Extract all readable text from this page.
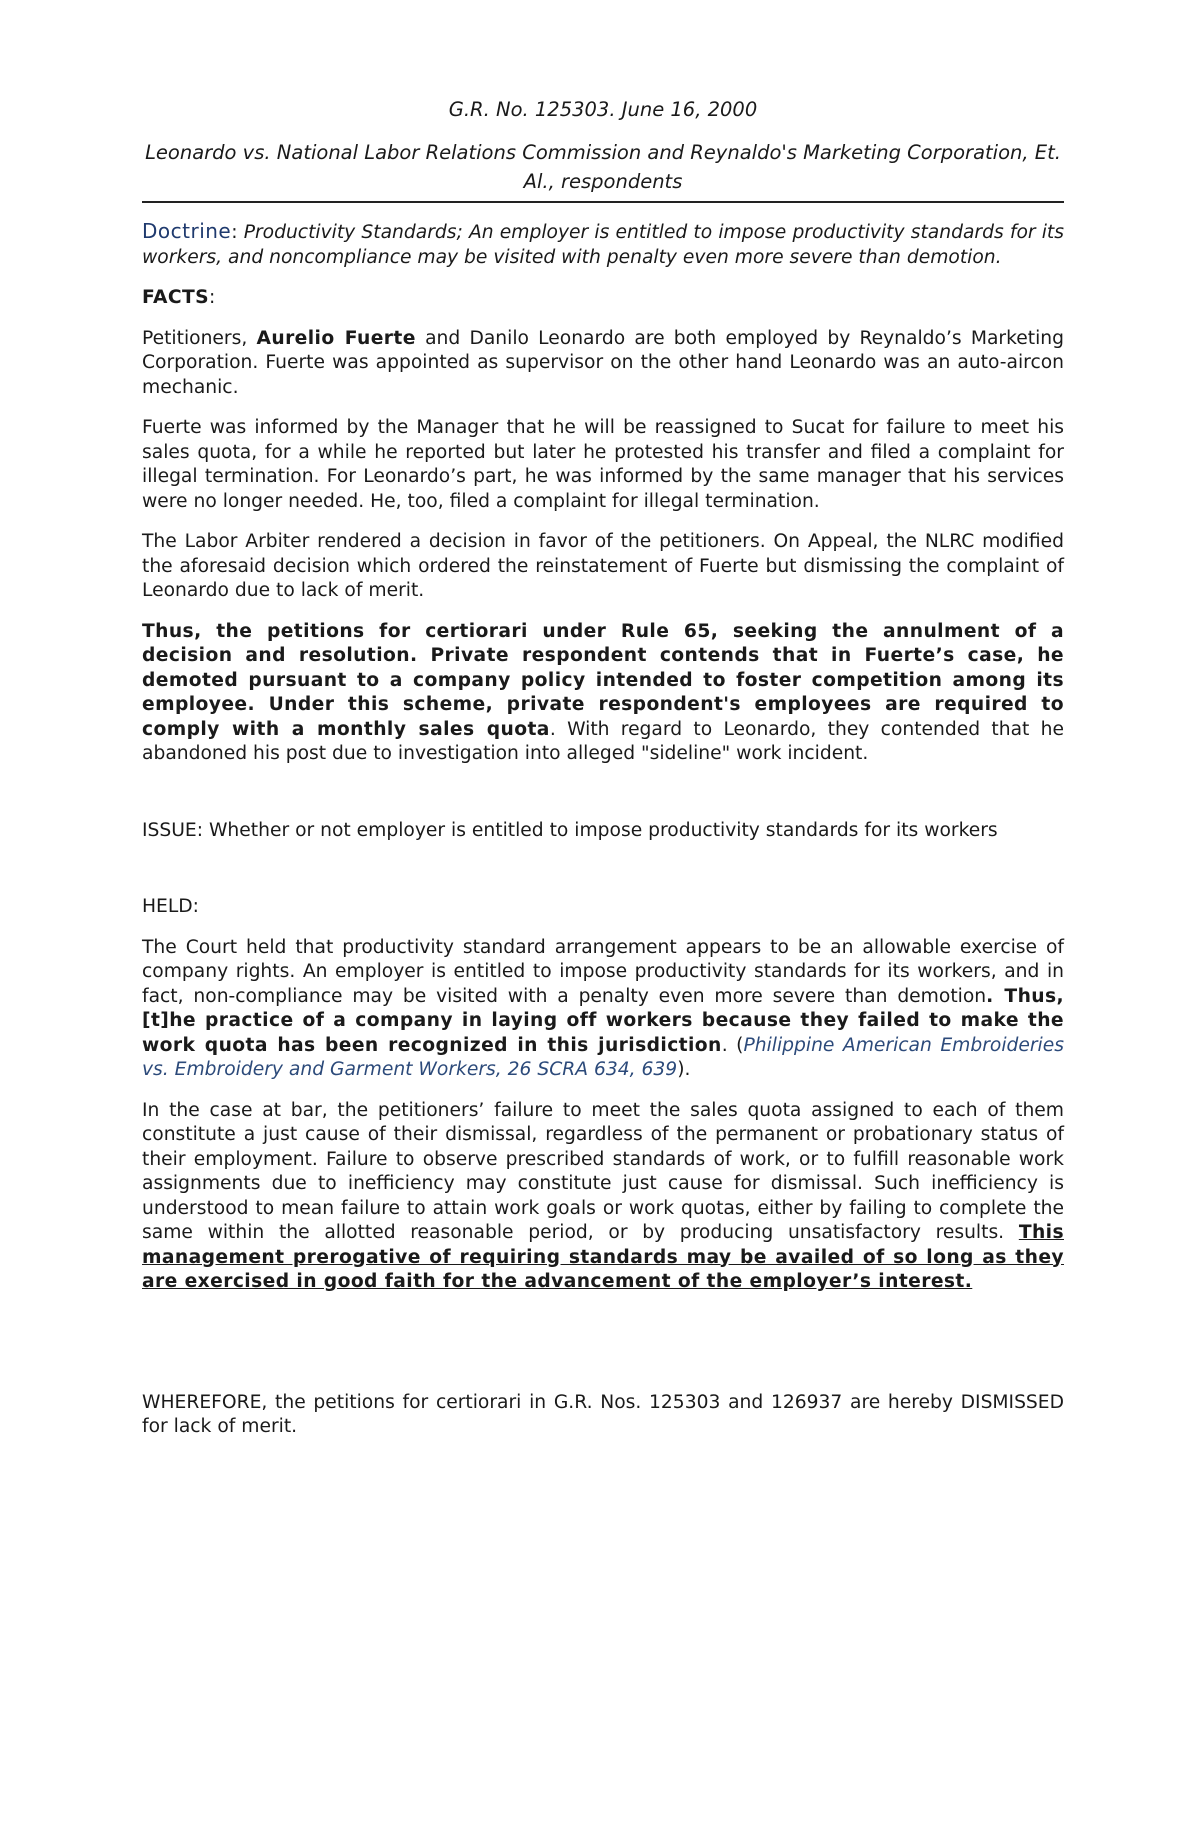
G.R. No. 125303. June 16, 2000
Leonardo vs. National Labor Relations Commission and Reynaldo's Marketing Corporation, Et. Al., respondents

Doctrine: Productivity Standards; An employer is entitled to impose productivity standards for its workers, and noncompliance may be visited with penalty even more severe than demotion.

FACTS:

Petitioners, Aurelio Fuerte and Danilo Leonardo are both employed by Reynaldo’s Marketing Corporation. Fuerte was appointed as supervisor on the other hand Leonardo was an auto-aircon mechanic.

Fuerte was informed by the Manager that he will be reassigned to Sucat for failure to meet his sales quota, for a while he reported but later he protested his transfer and filed a complaint for illegal termination. For Leonardo’s part, he was informed by the same manager that his services were no longer needed. He, too, filed a complaint for illegal termination.

The Labor Arbiter rendered a decision in favor of the petitioners. On Appeal, the NLRC modified the aforesaid decision which ordered the reinstatement of Fuerte but dismissing the complaint of Leonardo due to lack of merit.

Thus, the petitions for certiorari under Rule 65, seeking the annulment of a decision and resolution. Private respondent contends that in Fuerte’s case, he demoted pursuant to a company policy intended to foster competition among its employee. Under this scheme, private respondent's employees are required to comply with a monthly sales quota. With regard to Leonardo, they contended that he abandoned his post due to investigation into alleged "sideline" work incident.

ISSUE: Whether or not employer is entitled to impose productivity standards for its workers

HELD:

The Court held that productivity standard arrangement appears to be an allowable exercise of company rights. An employer is entitled to impose productivity standards for its workers, and in fact, non-compliance may be visited with a penalty even more severe than demotion. Thus, [t]he practice of a company in laying off workers because they failed to make the work quota has been recognized in this jurisdiction. (Philippine American Embroideries vs. Embroidery and Garment Workers, 26 SCRA 634, 639).

In the case at bar, the petitioners’ failure to meet the sales quota assigned to each of them constitute a just cause of their dismissal, regardless of the permanent or probationary status of their employment. Failure to observe prescribed standards of work, or to fulfill reasonable work assignments due to inefficiency may constitute just cause for dismissal. Such inefficiency is understood to mean failure to attain work goals or work quotas, either by failing to complete the same within the allotted reasonable period, or by producing unsatisfactory results. This management prerogative of requiring standards may be availed of so long as they are exercised in good faith for the advancement of the employer’s interest.

WHEREFORE, the petitions for certiorari in G.R. Nos. 125303 and 126937 are hereby DISMISSED for lack of merit.
